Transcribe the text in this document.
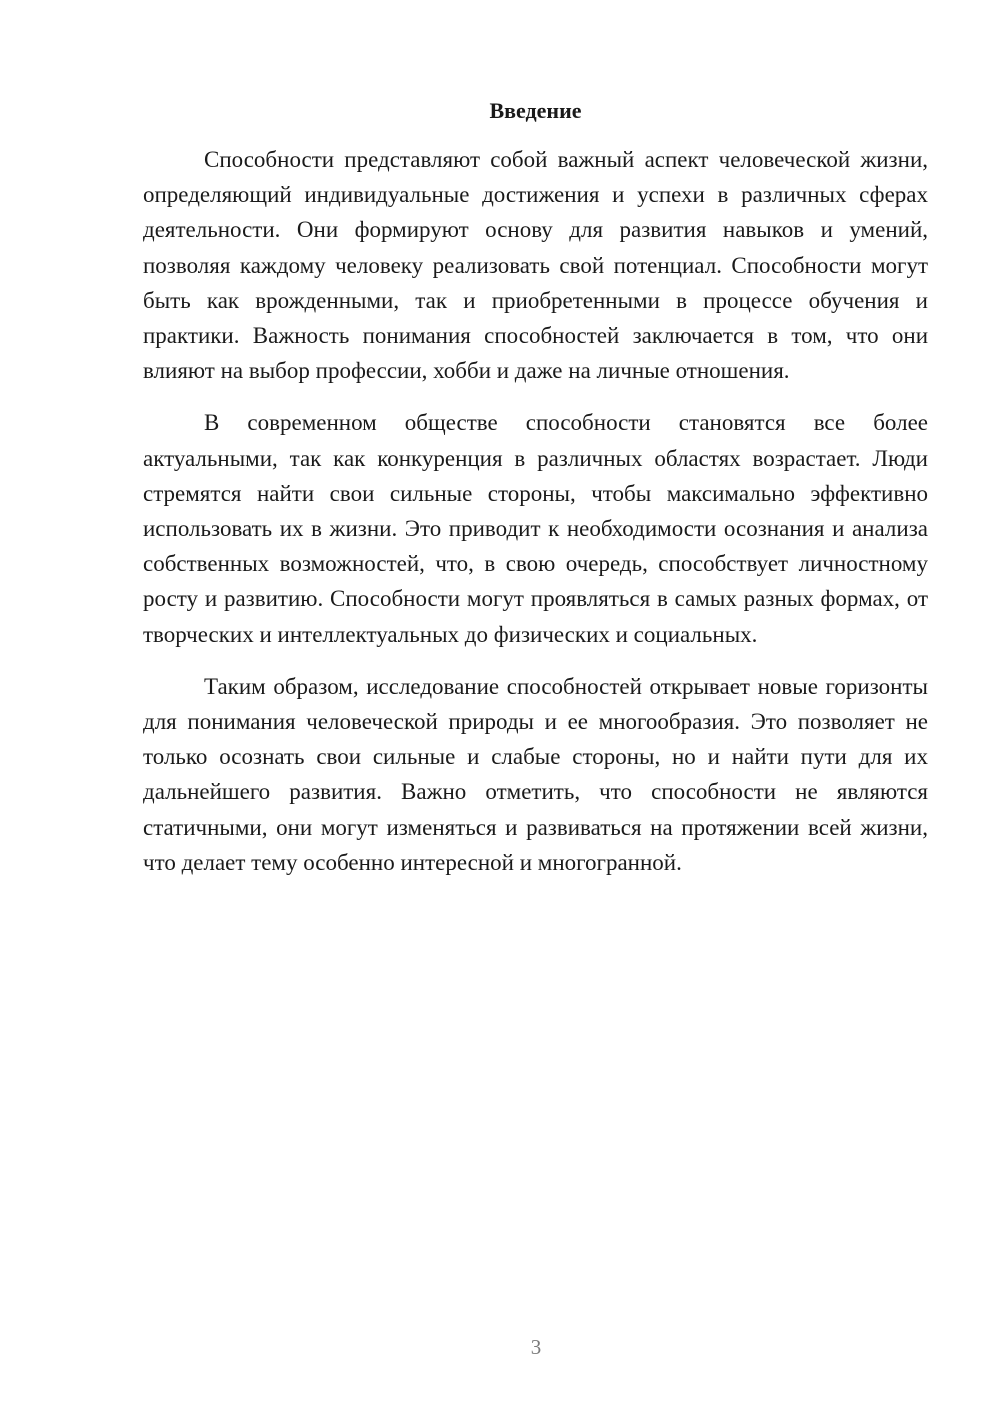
Введение

Способности представляют собой важный аспект человеческой жизни, определяющий индивидуальные достижения и успехи в различных сферах деятельности. Они формируют основу для развития навыков и умений, позволяя каждому человеку реализовать свой потенциал. Способности могут быть как врожденными, так и приобретенными в процессе обучения и практики. Важность понимания способностей заключается в том, что они влияют на выбор профессии, хобби и даже на личные отношения.

В современном обществе способности становятся все более актуальными, так как конкуренция в различных областях возрастает. Люди стремятся найти свои сильные стороны, чтобы максимально эффективно использовать их в жизни. Это приводит к необходимости осознания и анализа собственных возможностей, что, в свою очередь, способствует личностному росту и развитию. Способности могут проявляться в самых разных формах, от творческих и интеллектуальных до физических и социальных.

Таким образом, исследование способностей открывает новые горизонты для понимания человеческой природы и ее многообразия. Это позволяет не только осознать свои сильные и слабые стороны, но и найти пути для их дальнейшего развития. Важно отметить, что способности не являются статичными, они могут изменяться и развиваться на протяжении всей жизни, что делает тему особенно интересной и многогранной.

3
